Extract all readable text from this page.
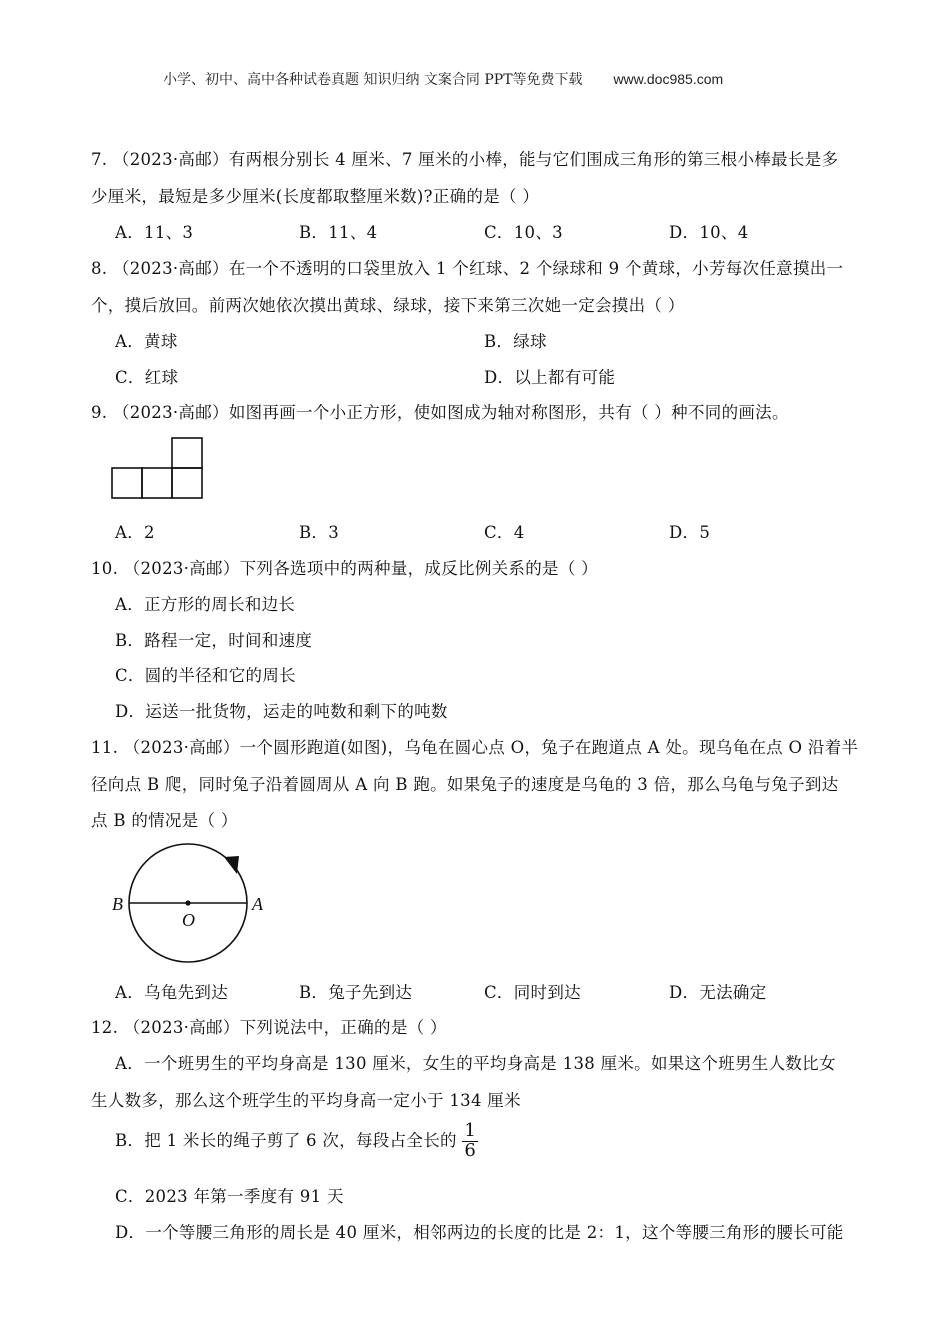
小学、初中、高中各种试卷真题 知识归纳 文案合同 PPT等免费下载 www.doc985.com
7. （2023·高邮）有两根分别长 4 厘米、7 厘米的小棒，能与它们围成三角形的第三根小棒最长是多
少厘米，最短是多少厘米(长度都取整厘米数)?正确的是（ ）
A．11、3	B．11、4	C．10、3	D．10、4
8. （2023·高邮）在一个不透明的口袋里放入 1 个红球、2 个绿球和 9 个黄球，小芳每次任意摸出一
个，摸后放回。前两次她依次摸出黄球、绿球，接下来第三次她一定会摸出（ ）
A．黄球	B．绿球
C．红球	D．以上都有可能
9. （2023·高邮）如图再画一个小正方形，使如图成为轴对称图形，共有（ ）种不同的画法。
A．2	B．3	C．4	D．5
10. （2023·高邮）下列各选项中的两种量，成反比例关系的是（ ）
A．正方形的周长和边长
B．路程一定，时间和速度
C．圆的半径和它的周长
D．运送一批货物，运走的吨数和剩下的吨数
11. （2023·高邮）一个圆形跑道(如图)，乌龟在圆心点 O，兔子在跑道点 A 处。现乌龟在点 O 沿着半
径向点 B 爬，同时兔子沿着圆周从 A 向 B 跑。如果兔子的速度是乌龟的 3 倍，那么乌龟与兔子到达
点 B 的情况是（ ）
B
O
A
A．乌龟先到达	B．兔子先到达	C．同时到达	D．无法确定
12. （2023·高邮）下列说法中，正确的是（ ）
A．一个班男生的平均身高是 130 厘米，女生的平均身高是 138 厘米。如果这个班男生人数比女
生人数多，那么这个班学生的平均身高一定小于 134 厘米
B．把 1 米长的绳子剪了 6 次，每段占全长的 $\frac{1}{6}$
C．2023 年第一季度有 91 天
D．一个等腰三角形的周长是 40 厘米，相邻两边的长度的比是 2：1，这个等腰三角形的腰长可能
